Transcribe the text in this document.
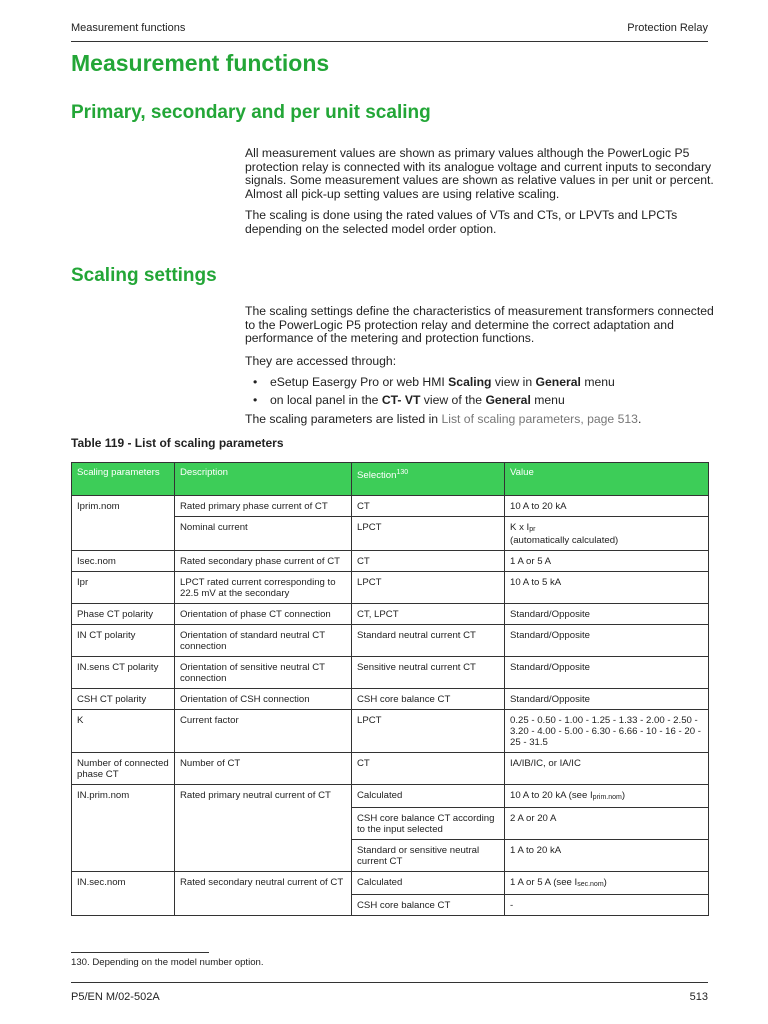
Measurement functions	Protection Relay
Measurement functions
Primary, secondary and per unit scaling

All measurement values are shown as primary values although the PowerLogic P5 protection relay is connected with its analogue voltage and current inputs to secondary signals. Some measurement values are shown as relative values in per unit or percent. Almost all pick-up setting values are using relative scaling.

The scaling is done using the rated values of VTs and CTs, or LPVTs and LPCTs depending on the selected model order option.

Scaling settings

The scaling settings define the characteristics of measurement transformers connected to the PowerLogic P5 protection relay and determine the correct adaptation and performance of the metering and protection functions.

They are accessed through:

• eSetup Easergy Pro or web HMI Scaling view in General menu
• on local panel in the CT- VT view of the General menu

The scaling parameters are listed in List of scaling parameters, page 513.

Table 119 - List of scaling parameters

Scaling parameters	Description	Selection$^{130}$	Value
Iprim.nom	Rated primary phase current of CT	CT	10 A to 20 kA
	Nominal current	LPCT	K x $I_{pr}$
(automatically calculated)
Isec.nom	Rated secondary phase current of CT	CT	1 A or 5 A
Ipr	LPCT rated current corresponding to 22.5 mV at the secondary	LPCT	10 A to 5 kA
Phase CT polarity	Orientation of phase CT connection	CT, LPCT	Standard/Opposite
IN CT polarity	Orientation of standard neutral CT connection	Standard neutral current CT	Standard/Opposite
IN.sens CT polarity	Orientation of sensitive neutral CT connection	Sensitive neutral current CT	Standard/Opposite
CSH CT polarity	Orientation of CSH connection	CSH core balance CT	Standard/Opposite
K	Current factor	LPCT	0.25 - 0.50 - 1.00 - 1.25 - 1.33 - 2.00 - 2.50 - 3.20 - 4.00 - 5.00 - 6.30 - 6.66 - 10 - 16 - 20 - 25 - 31.5
Number of connected phase CT	Number of CT	CT	IA/IB/IC, or IA/IC
IN.prim.nom	Rated primary neutral current of CT	Calculated	10 A to 20 kA (see $I_{prim.nom}$)
		CSH core balance CT according to the input selected	2 A or 20 A
		Standard or sensitive neutral current CT	1 A to 20 kA
IN.sec.nom	Rated secondary neutral current of CT	Calculated	1 A or 5 A (see $I_{sec.nom}$)
		CSH core balance CT	-
130. Depending on the model number option.
P5/EN M/02-502A	513
